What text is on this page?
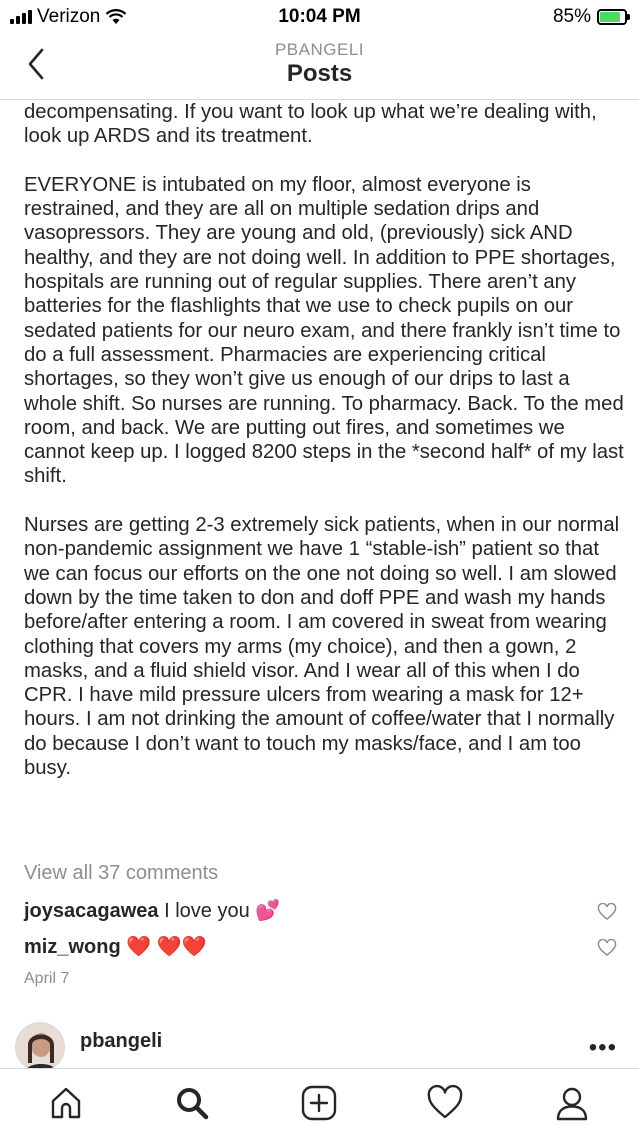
Verizon	10:04 PM	85%
PBANGELI
Posts

decompensating. If you want to look up what we’re dealing with, look up ARDS and its treatment.

EVERYONE is intubated on my floor, almost everyone is restrained, and they are all on multiple sedation drips and vasopressors. They are young and old, (previously) sick AND healthy, and they are not doing well. In addition to PPE shortages, hospitals are running out of regular supplies. There aren’t any batteries for the flashlights that we use to check pupils on our sedated patients for our neuro exam, and there frankly isn’t time to do a full assessment. Pharmacies are experiencing critical shortages, so they won’t give us enough of our drips to last a whole shift. So nurses are running. To pharmacy. Back. To the med room, and back. We are putting out fires, and sometimes we cannot keep up. I logged 8200 steps in the *second half* of my last shift.

Nurses are getting 2-3 extremely sick patients, when in our normal non-pandemic assignment we have 1 “stable-ish” patient so that we can focus our efforts on the one not doing so well. I am slowed down by the time taken to don and doff PPE and wash my hands before/after entering a room. I am covered in sweat from wearing clothing that covers my arms (my choice), and then a gown, 2 masks, and a fluid shield visor. And I wear all of this when I do CPR. I have mild pressure ulcers from wearing a mask for 12+ hours. I am not drinking the amount of coffee/water that I normally do because I don’t want to touch my masks/face, and I am too busy.

View all 37 comments
joysacagawea I love you 💕
miz_wong ❤️ ❤️❤️
April 7
pbangeli	•••
